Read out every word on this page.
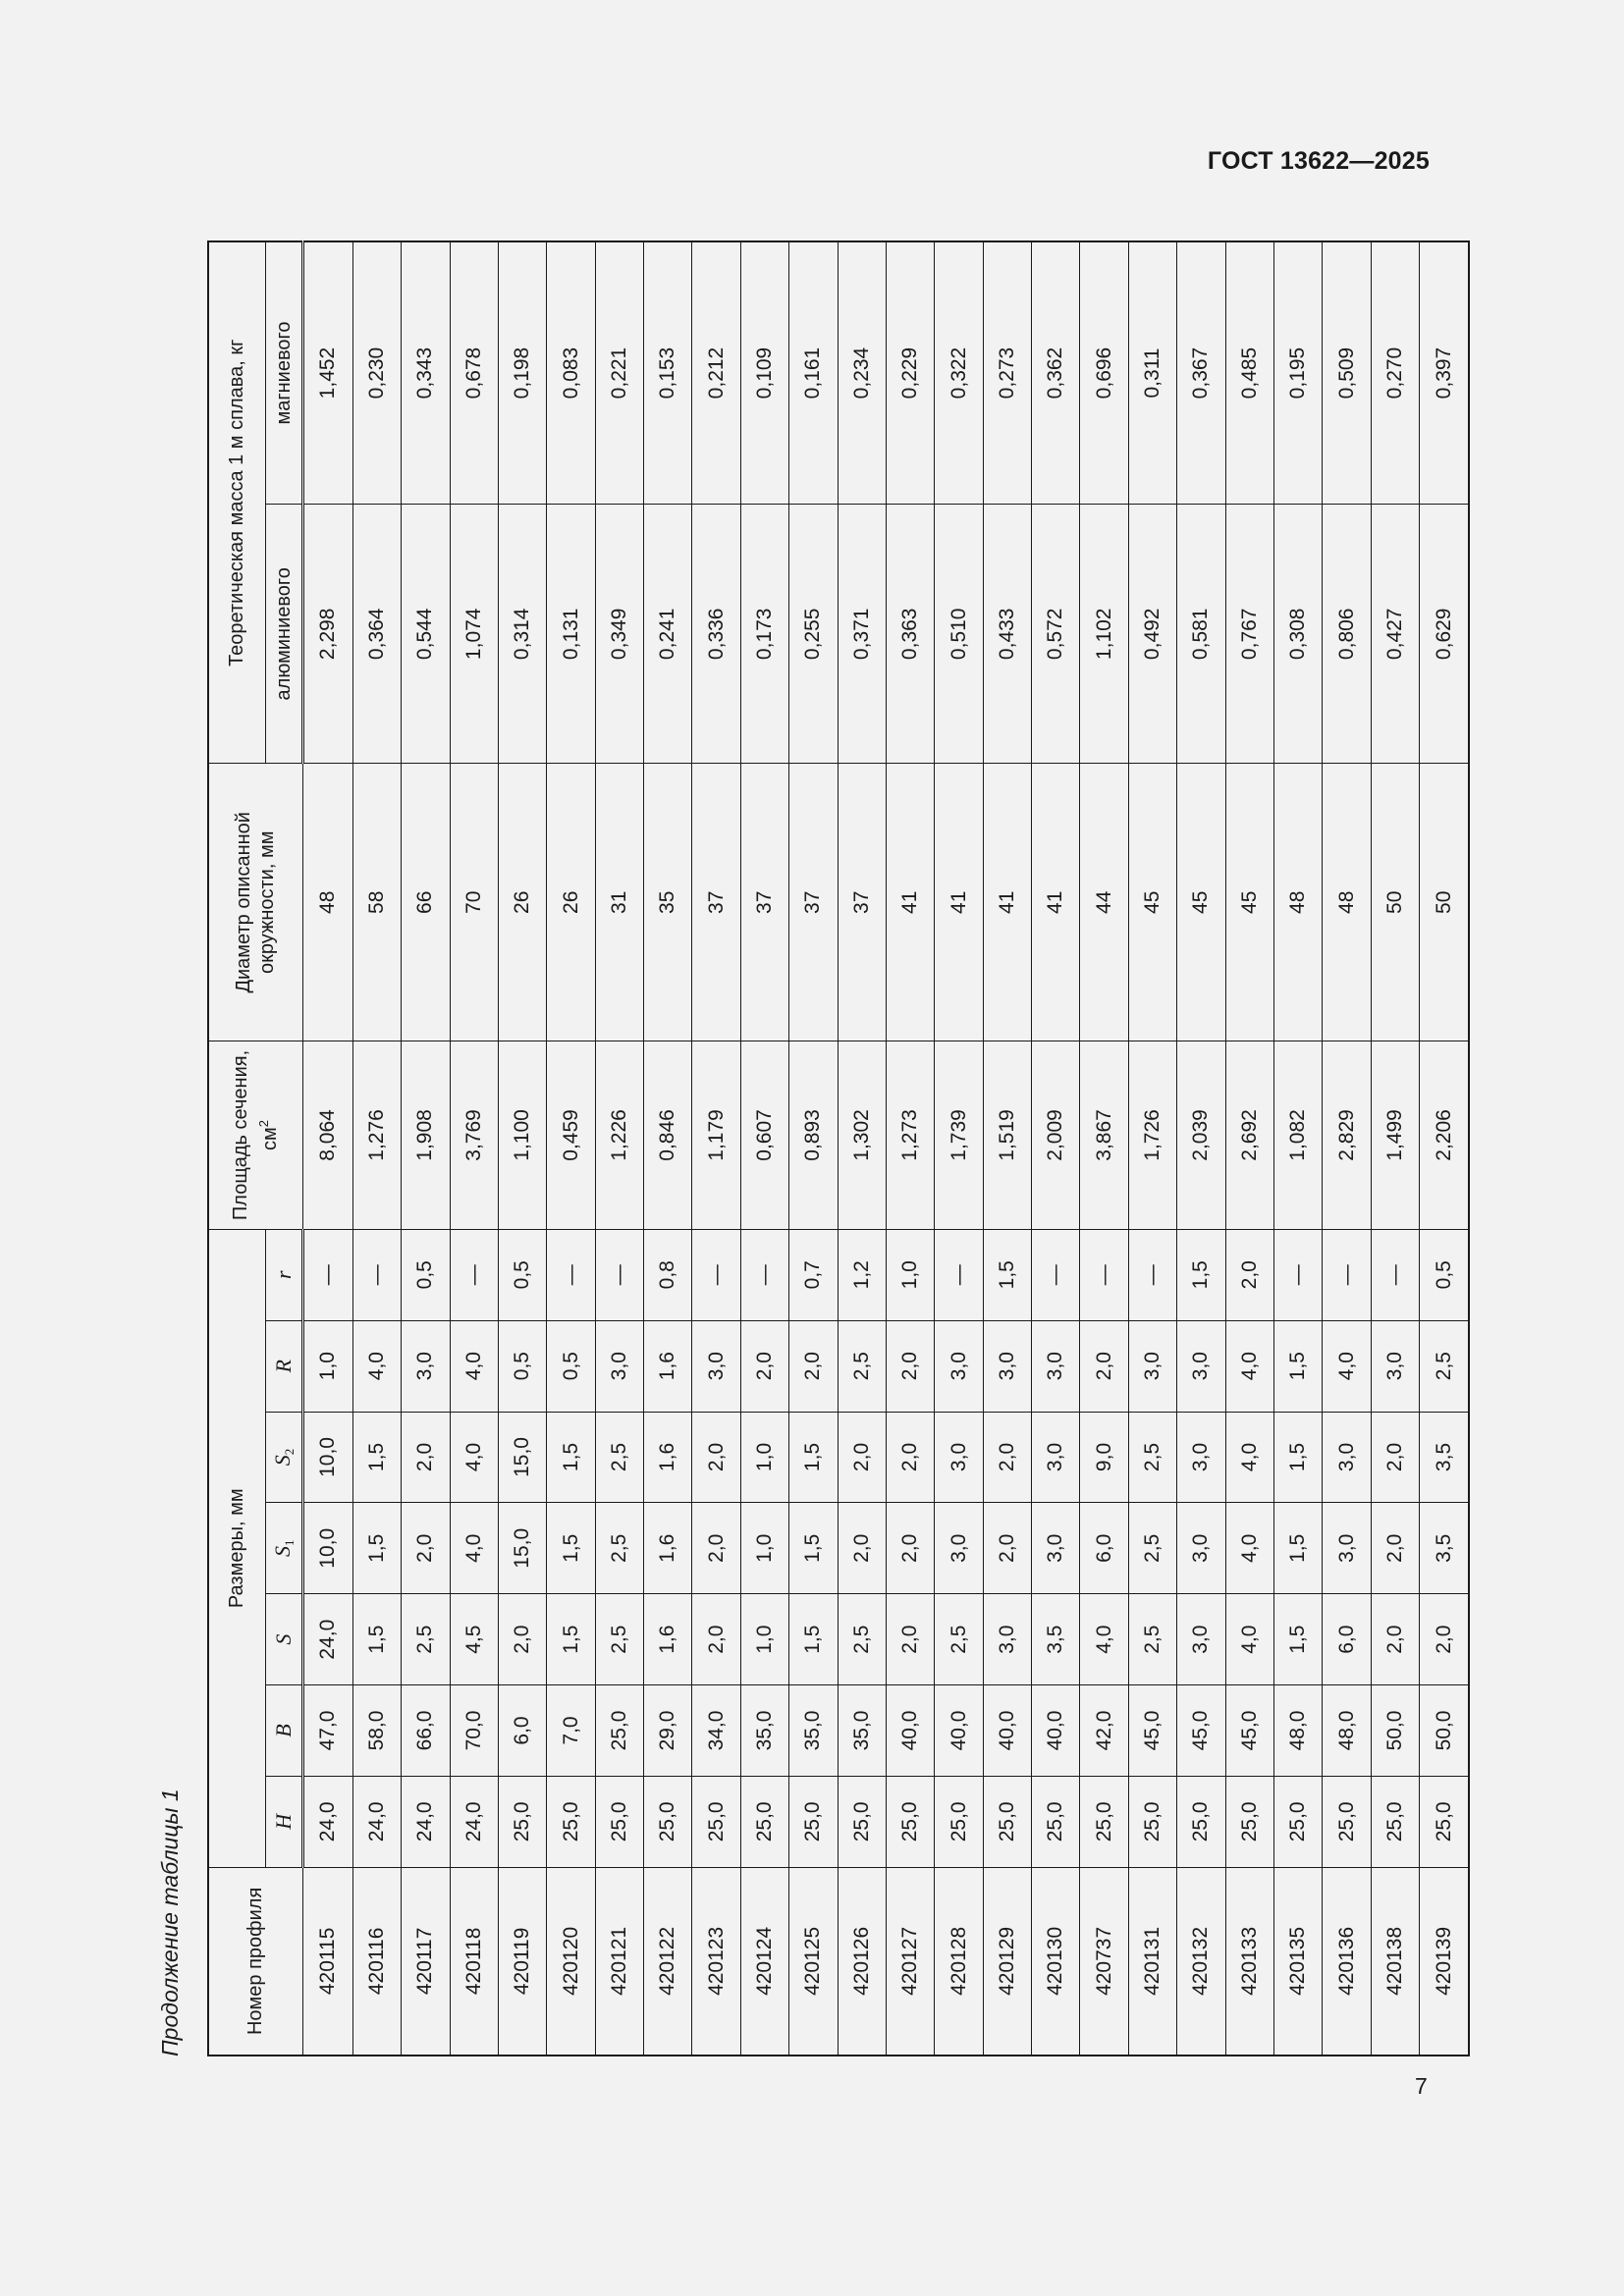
ГОСТ 13622—2025
Продолжение таблицы 1	Номер профиля	Размеры, мм							Площадь сечения, $см^2$	Диаметр описанной окружности, мм	Теоретическая масса 1 м сплава, кг	
	H	B	S	$S_1$	$S_2$	R	r			алюминиевого	магниевого
420115	24,0	47,0	24,0	10,0	10,0	1,0	—	8,064	48	2,298	1,452
420116	24,0	58,0	1,5	1,5	1,5	4,0	—	1,276	58	0,364	0,230
420117	24,0	66,0	2,5	2,0	2,0	3,0	0,5	1,908	66	0,544	0,343
420118	24,0	70,0	4,5	4,0	4,0	4,0	—	3,769	70	1,074	0,678
420119	25,0	6,0	2,0	15,0	15,0	0,5	0,5	1,100	26	0,314	0,198
420120	25,0	7,0	1,5	1,5	1,5	0,5	—	0,459	26	0,131	0,083
420121	25,0	25,0	2,5	2,5	2,5	3,0	—	1,226	31	0,349	0,221
420122	25,0	29,0	1,6	1,6	1,6	1,6	0,8	0,846	35	0,241	0,153
420123	25,0	34,0	2,0	2,0	2,0	3,0	—	1,179	37	0,336	0,212
420124	25,0	35,0	1,0	1,0	1,0	2,0	—	0,607	37	0,173	0,109
420125	25,0	35,0	1,5	1,5	1,5	2,0	0,7	0,893	37	0,255	0,161
420126	25,0	35,0	2,5	2,0	2,0	2,5	1,2	1,302	37	0,371	0,234
420127	25,0	40,0	2,0	2,0	2,0	2,0	1,0	1,273	41	0,363	0,229
420128	25,0	40,0	2,5	3,0	3,0	3,0	—	1,739	41	0,510	0,322
420129	25,0	40,0	3,0	2,0	2,0	3,0	1,5	1,519	41	0,433	0,273
420130	25,0	40,0	3,5	3,0	3,0	3,0	—	2,009	41	0,572	0,362
420737	25,0	42,0	4,0	6,0	9,0	2,0	—	3,867	44	1,102	0,696
420131	25,0	45,0	2,5	2,5	2,5	3,0	—	1,726	45	0,492	0,311
420132	25,0	45,0	3,0	3,0	3,0	3,0	1,5	2,039	45	0,581	0,367
420133	25,0	45,0	4,0	4,0	4,0	4,0	2,0	2,692	45	0,767	0,485
420135	25,0	48,0	1,5	1,5	1,5	1,5	—	1,082	48	0,308	0,195
420136	25,0	48,0	6,0	3,0	3,0	4,0	—	2,829	48	0,806	0,509
420138	25,0	50,0	2,0	2,0	2,0	3,0	—	1,499	50	0,427	0,270
420139	25,0	50,0	2,0	3,5	3,5	2,5	0,5	2,206	50	0,629	0,397
7
